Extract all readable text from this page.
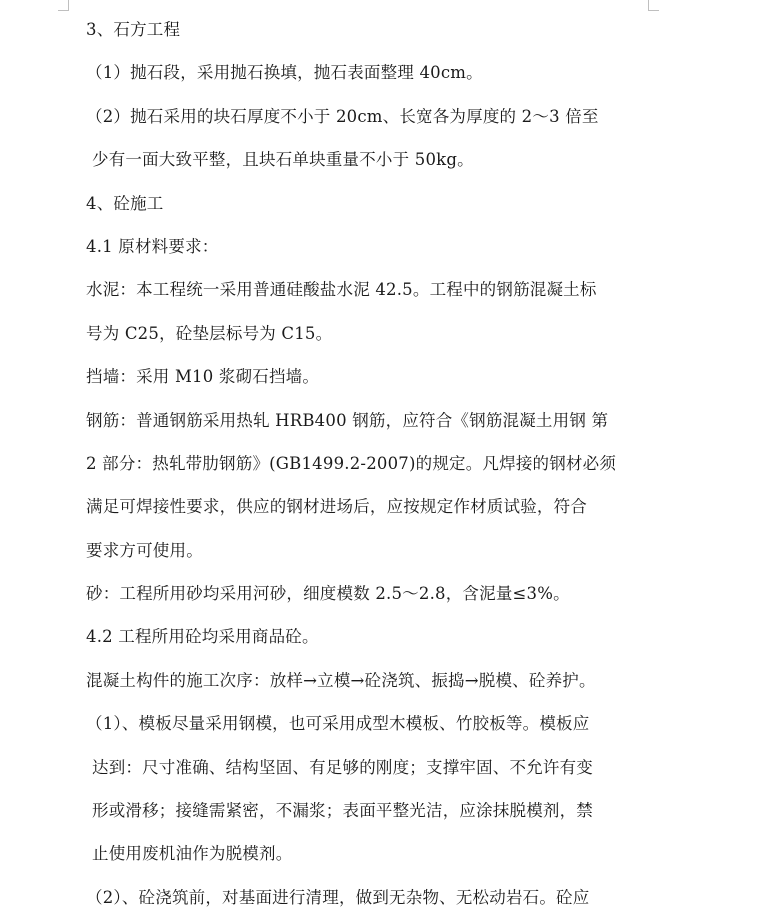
3、石方工程
（1）抛石段，采用抛石换填，抛石表面整理 40cm。
（2）抛石采用的块石厚度不小于 20cm、长宽各为厚度的 2～3 倍至
少有一面大致平整，且块石单块重量不小于 50kg。
4、砼施工
4.1 原材料要求：
水泥：本工程统一采用普通硅酸盐水泥 42.5。工程中的钢筋混凝土标
号为 C25，砼垫层标号为 C15。
挡墙：采用 M10 浆砌石挡墙。
钢筋：普通钢筋采用热轧 HRB400 钢筋，应符合《钢筋混凝土用钢 第
2 部分：热轧带肋钢筋》(GB1499.2-2007)的规定。凡焊接的钢材必须
满足可焊接性要求，供应的钢材进场后，应按规定作材质试验，符合
要求方可使用。
砂：工程所用砂均采用河砂，细度模数 2.5～2.8，含泥量≤3%。
4.2 工程所用砼均采用商品砼。
混凝土构件的施工次序：放样→立模→砼浇筑、振捣→脱模、砼养护。
（1）、模板尽量采用钢模，也可采用成型木模板、竹胶板等。模板应
达到：尺寸准确、结构坚固、有足够的刚度；支撑牢固、不允许有变
形或滑移；接缝需紧密，不漏浆；表面平整光洁，应涂抹脱模剂，禁
止使用废机油作为脱模剂。
（2）、砼浇筑前，对基面进行清理，做到无杂物、无松动岩石。砼应
